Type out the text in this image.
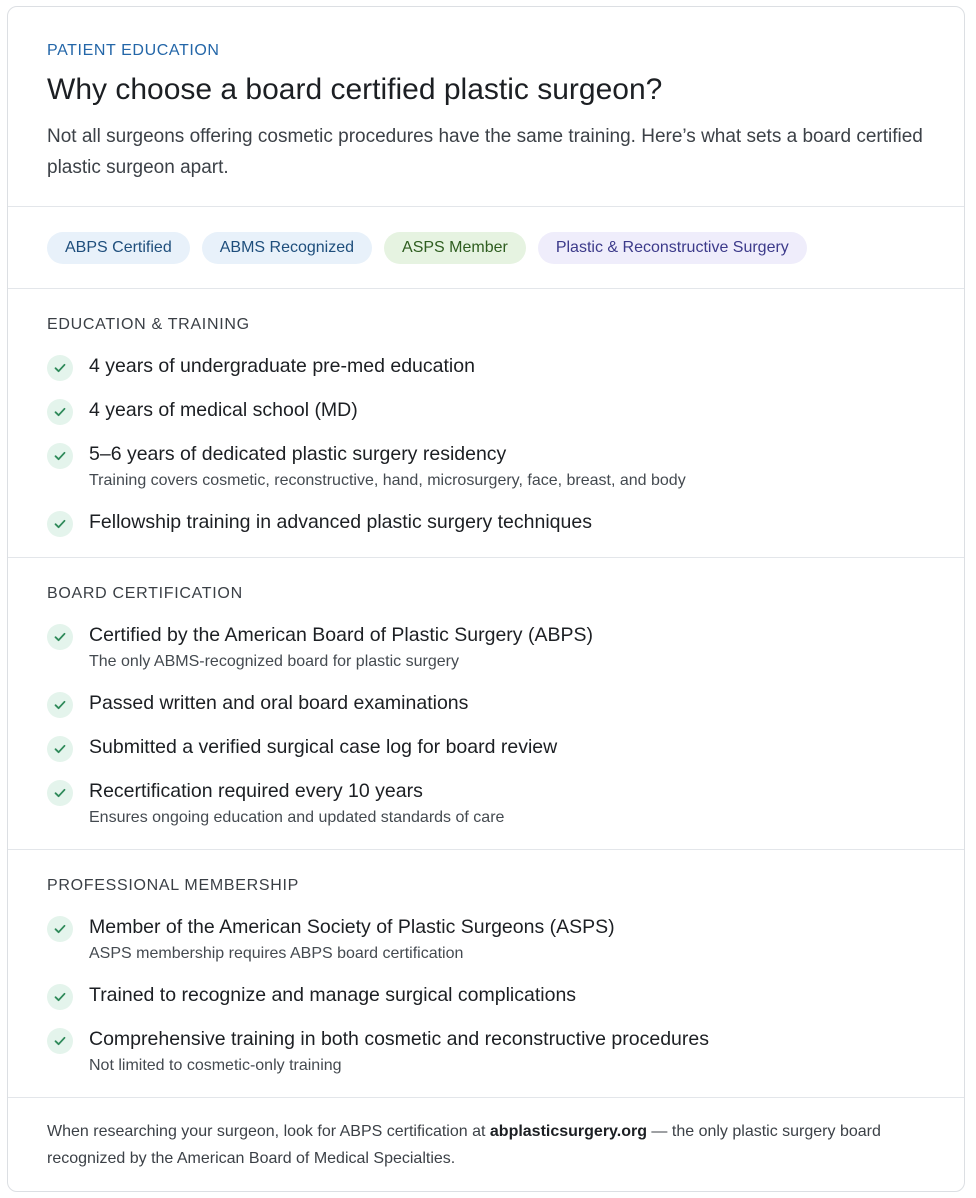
PATIENT EDUCATION
Why choose a board certified plastic surgeon?
Not all surgeons offering cosmetic procedures have the same training. Here’s what sets a board certified plastic surgeon apart.
ABPS Certified	ABMS Recognized	ASPS Member	Plastic & Reconstructive Surgery
EDUCATION & TRAINING
4 years of undergraduate pre-med education
4 years of medical school (MD)
5–6 years of dedicated plastic surgery residency
Training covers cosmetic, reconstructive, hand, microsurgery, face, breast, and body
Fellowship training in advanced plastic surgery techniques
BOARD CERTIFICATION
Certified by the American Board of Plastic Surgery (ABPS)
The only ABMS-recognized board for plastic surgery
Passed written and oral board examinations
Submitted a verified surgical case log for board review
Recertification required every 10 years
Ensures ongoing education and updated standards of care
PROFESSIONAL MEMBERSHIP
Member of the American Society of Plastic Surgeons (ASPS)
ASPS membership requires ABPS board certification
Trained to recognize and manage surgical complications
Comprehensive training in both cosmetic and reconstructive procedures
Not limited to cosmetic-only training
When researching your surgeon, look for ABPS certification at abplasticsurgery.org — the only plastic surgery board recognized by the American Board of Medical Specialties.
